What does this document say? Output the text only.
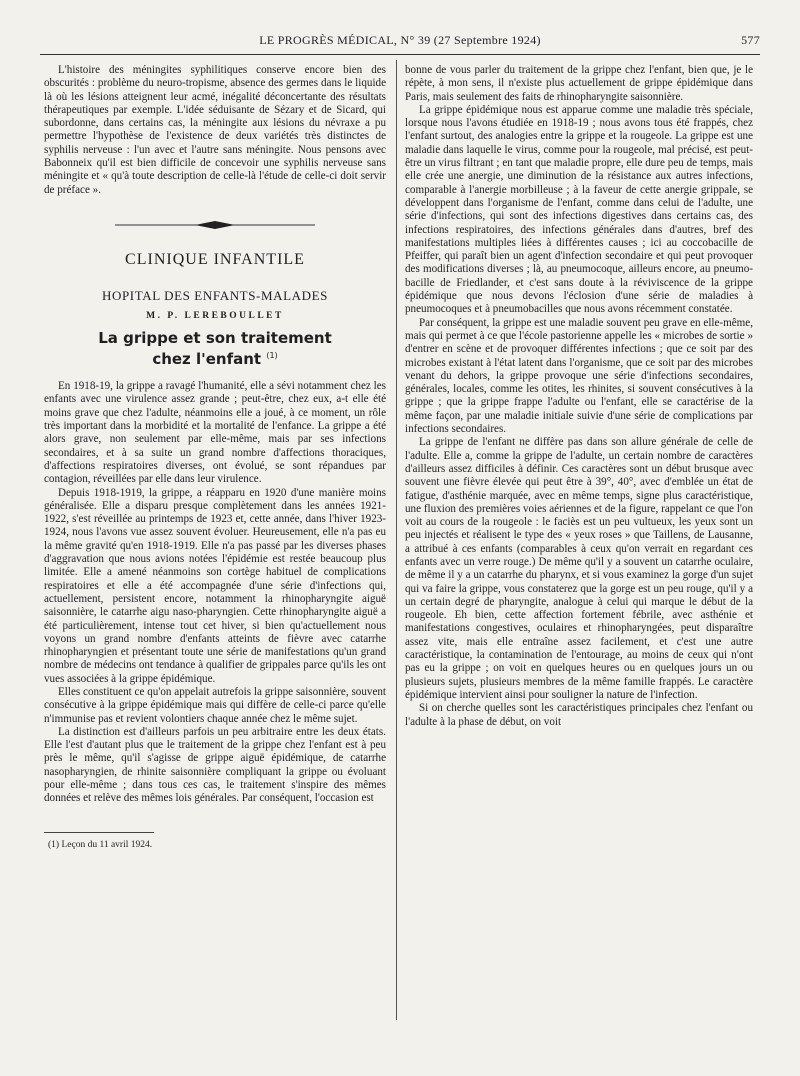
LE PROGRÈS MÉDICAL, N° 39 (27 Septembre 1924)	577

L'histoire des méningites syphilitiques conserve encore bien des obscurités : problème du neuro-tropisme, absence des germes dans le liquide là où les lésions atteignent leur acmé, inégalité déconcertante des résultats thérapeutiques par exemple. L'idée séduisante de Sézary et de Sicard, qui subordonne, dans certains cas, la méningite aux lésions du névraxe a pu permettre l'hypothèse de l'existence de deux variétés très distinctes de syphilis nerveuse : l'un avec et l'autre sans méningite. Nous pensons avec Babonneix qu'il est bien difficile de concevoir une syphilis nerveuse sans méningite et « qu'à toute description de celle-là l'étude de celle-ci doit servir de préface ».

CLINIQUE INFANTILE
HOPITAL DES ENFANTS-MALADES
M. P. LEREBOULLET
La grippe et son traitement
chez l'enfant $^{(1)}$

En 1918-19, la grippe a ravagé l'humanité, elle a sévi notamment chez les enfants avec une virulence assez grande ; peut-être, chez eux, a-t elle été moins grave que chez l'adulte, néanmoins elle a joué, à ce moment, un rôle très important dans la morbidité et la mortalité de l'enfance. La grippe a été alors grave, non seulement par elle-même, mais par ses infections secondaires, et à sa suite un grand nombre d'affections thoraciques, d'affections respiratoires diverses, ont évolué, se sont répandues par contagion, réveillées par elle dans leur virulence.

Depuis 1918-1919, la grippe, a réapparu en 1920 d'une manière moins généralisée. Elle a disparu presque complètement dans les années 1921-1922, s'est réveillée au printemps de 1923 et, cette année, dans l'hiver 1923-1924, nous l'avons vue assez souvent évoluer. Heureusement, elle n'a pas eu la même gravité qu'en 1918-1919. Elle n'a pas passé par les diverses phases d'aggravation que nous avions notées l'épidémie est restée beaucoup plus limitée. Elle a amené néanmoins son cortège habituel de complications respiratoires et elle a été accompagnée d'une série d'infections qui, actuellement, persistent encore, notamment la rhinopharyngite aiguë saisonnière, le catarrhe aigu naso-pharyngien. Cette rhinopharyngite aiguë a été particulièrement, intense tout cet hiver, si bien qu'actuellement nous voyons un grand nombre d'enfants atteints de fièvre avec catarrhe rhinopharyngien et présentant toute une série de manifestations qu'un grand nombre de médecins ont tendance à qualifier de grippales parce qu'ils les ont vues associées à la grippe épidémique.

Elles constituent ce qu'on appelait autrefois la grippe saisonnière, souvent consécutive à la grippe épidémique mais qui diffère de celle-ci parce qu'elle n'immunise pas et revient volontiers chaque année chez le même sujet.

La distinction est d'ailleurs parfois un peu arbitraire entre les deux états. Elle l'est d'autant plus que le traitement de la grippe chez l'enfant est à peu près le même, qu'il s'agisse de grippe aiguë épidémique, de catarrhe nasopharyngien, de rhinite saisonnière compliquant la grippe ou évoluant pour elle-même ; dans tous ces cas, le traitement s'inspire des mêmes données et relève des mêmes lois générales. Par conséquent, l'occasion est

(1) Leçon du 11 avril 1924.

bonne de vous parler du traitement de la grippe chez l'enfant, bien que, je le répète, à mon sens, il n'existe plus actuellement de grippe épidémique dans Paris, mais seulement des faits de rhinopharyngite saisonnière.

La grippe épidémique nous est apparue comme une maladie très spéciale, lorsque nous l'avons étudiée en 1918-19 ; nous avons tous été frappés, chez l'enfant surtout, des analogies entre la grippe et la rougeole. La grippe est une maladie dans laquelle le virus, comme pour la rougeole, mal précisé, est peut-être un virus filtrant ; en tant que maladie propre, elle dure peu de temps, mais elle crée une anergie, une diminution de la résistance aux autres infections, comparable à l'anergie morbilleuse ; à la faveur de cette anergie grippale, se développent dans l'organisme de l'enfant, comme dans celui de l'adulte, une série d'infections, qui sont des infections digestives dans certains cas, des infections respiratoires, des infections générales dans d'autres, bref des manifestations multiples liées à différentes causes ; ici au coccobacille de Pfeiffer, qui paraît bien un agent d'infection secondaire et qui peut provoquer des modifications diverses ; là, au pneumocoque, ailleurs encore, au pneumo-bacille de Friedlander, et c'est sans doute à la réviviscence de la grippe épidémique que nous devons l'éclosion d'une série de maladies à pneumocoques et à pneumobacilles que nous avons récemment constatée.

Par conséquent, la grippe est une maladie souvent peu grave en elle-même, mais qui permet à ce que l'école pastorienne appelle les « microbes de sortie » d'entrer en scène et de provoquer différentes infections ; que ce soit par des microbes existant à l'état latent dans l'organisme, que ce soit par des microbes venant du dehors, la grippe provoque une série d'infections secondaires, générales, locales, comme les otites, les rhinites, si souvent consécutives à la grippe ; que la grippe frappe l'adulte ou l'enfant, elle se caractérise de la même façon, par une maladie initiale suivie d'une série de complications par infections secondaires.

La grippe de l'enfant ne diffère pas dans son allure générale de celle de l'adulte. Elle a, comme la grippe de l'adulte, un certain nombre de caractères d'ailleurs assez difficiles à définir. Ces caractères sont un début brusque avec souvent une fièvre élevée qui peut être à 39°, 40°, avec d'emblée un état de fatigue, d'asthénie marquée, avec en même temps, signe plus caractéristique, une fluxion des premières voies aériennes et de la figure, rappelant ce que l'on voit au cours de la rougeole : le faciès est un peu vultueux, les yeux sont un peu injectés et réalisent le type des « yeux roses » que Taillens, de Lausanne, a attribué à ces enfants (comparables à ceux qu'on verrait en regardant ces enfants avec un verre rouge.) De même qu'il y a souvent un catarrhe oculaire, de même il y a un catarrhe du pharynx, et si vous examinez la gorge d'un sujet qui va faire la grippe, vous constaterez que la gorge est un peu rouge, qu'il y a un certain degré de pharyngite, analogue à celui qui marque le début de la rougeole. Eh bien, cette affection fortement fébrile, avec asthénie et manifestations congestives, oculaires et rhinopharyngées, peut disparaître assez vite, mais elle entraîne assez facilement, et c'est une autre caractéristique, la contamination de l'entourage, au moins de ceux qui n'ont pas eu la grippe ; on voit en quelques heures ou en quelques jours un ou plusieurs sujets, plusieurs membres de la même famille frappés. Le caractère épidémique intervient ainsi pour souligner la nature de l'infection.

Si on cherche quelles sont les caractéristiques principales chez l'enfant ou l'adulte à la phase de début, on voit
